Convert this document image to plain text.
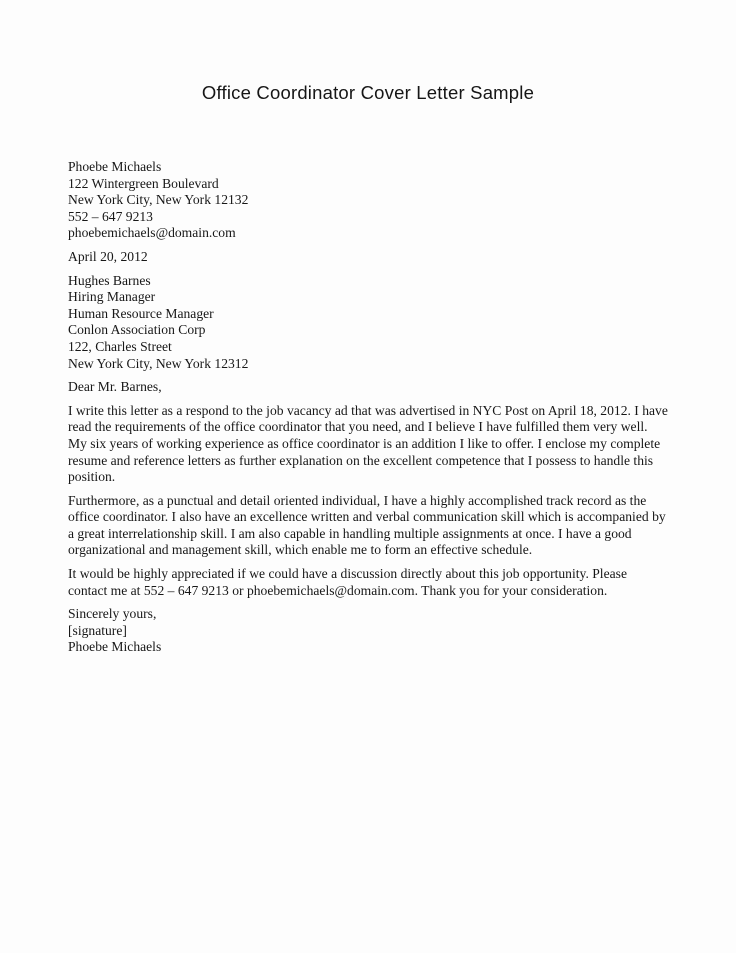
Office Coordinator Cover Letter Sample
Phoebe Michaels
122 Wintergreen Boulevard
New York City, New York 12132
552 – 647 9213
phoebemichaels@domain.com
April 20, 2012
Hughes Barnes
Hiring Manager
Human Resource Manager
Conlon Association Corp
122, Charles Street
New York City, New York 12312
Dear Mr. Barnes,

I write this letter as a respond to the job vacancy ad that was advertised in NYC Post on April 18, 2012. I have read the requirements of the office coordinator that you need, and I believe I have fulfilled them very well. My six years of working experience as office coordinator is an addition I like to offer. I enclose my complete resume and reference letters as further explanation on the excellent competence that I possess to handle this position.

Furthermore, as a punctual and detail oriented individual, I have a highly accomplished track record as the office coordinator. I also have an excellence written and verbal communication skill which is accompanied by a great interrelationship skill. I am also capable in handling multiple assignments at once. I have a good organizational and management skill, which enable me to form an effective schedule.

It would be highly appreciated if we could have a discussion directly about this job opportunity. Please contact me at 552 – 647 9213 or phoebemichaels@domain.com. Thank you for your consideration.

Sincerely yours,
[signature]
Phoebe Michaels
